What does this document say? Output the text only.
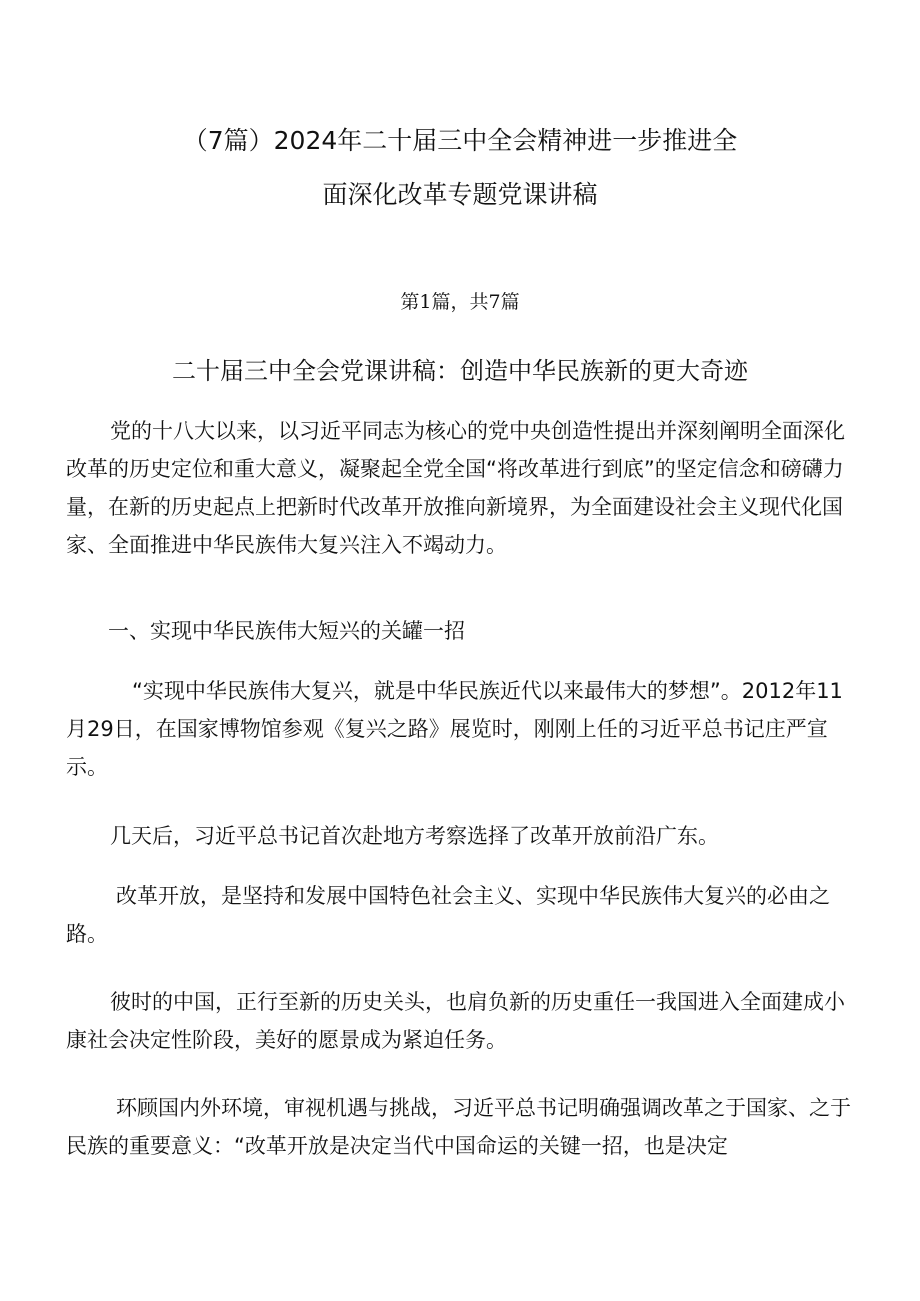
（7篇）2024年二十届三中全会精神进一步推进全
面深化改革专题党课讲稿
第1篇，共7篇
二十届三中全会党课讲稿：创造中华民族新的更大奇迹

党的十八大以来，以习近平同志为核心的党中央创造性提出并深刻阐明全面深化改革的历史定位和重大意义，凝聚起全党全国“将改革进行到底”的坚定信念和磅礴力量，在新的历史起点上把新时代改革开放推向新境界，为全面建设社会主义现代化国家、全面推进中华民族伟大复兴注入不竭动力。

一、实现中华民族伟大短兴的关罐一招

“实现中华民族伟大复兴，就是中华民族近代以来最伟大的梦想”。2012年11月29日，在国家博物馆参观《复兴之路》展览时，刚刚上任的习近平总书记庄严宣示。

几天后，习近平总书记首次赴地方考察选择了改革开放前沿广东。

改革开放，是坚持和发展中国特色社会主义、实现中华民族伟大复兴的必由之路。

彼时的中国，正行至新的历史关头，也肩负新的历史重任一我国进入全面建成小康社会决定性阶段，美好的愿景成为紧迫任务。

环顾国内外环境，审视机遇与挑战，习近平总书记明确强调改革之于国家、之于民族的重要意义：“改革开放是决定当代中国命运的关键一招，也是决定
